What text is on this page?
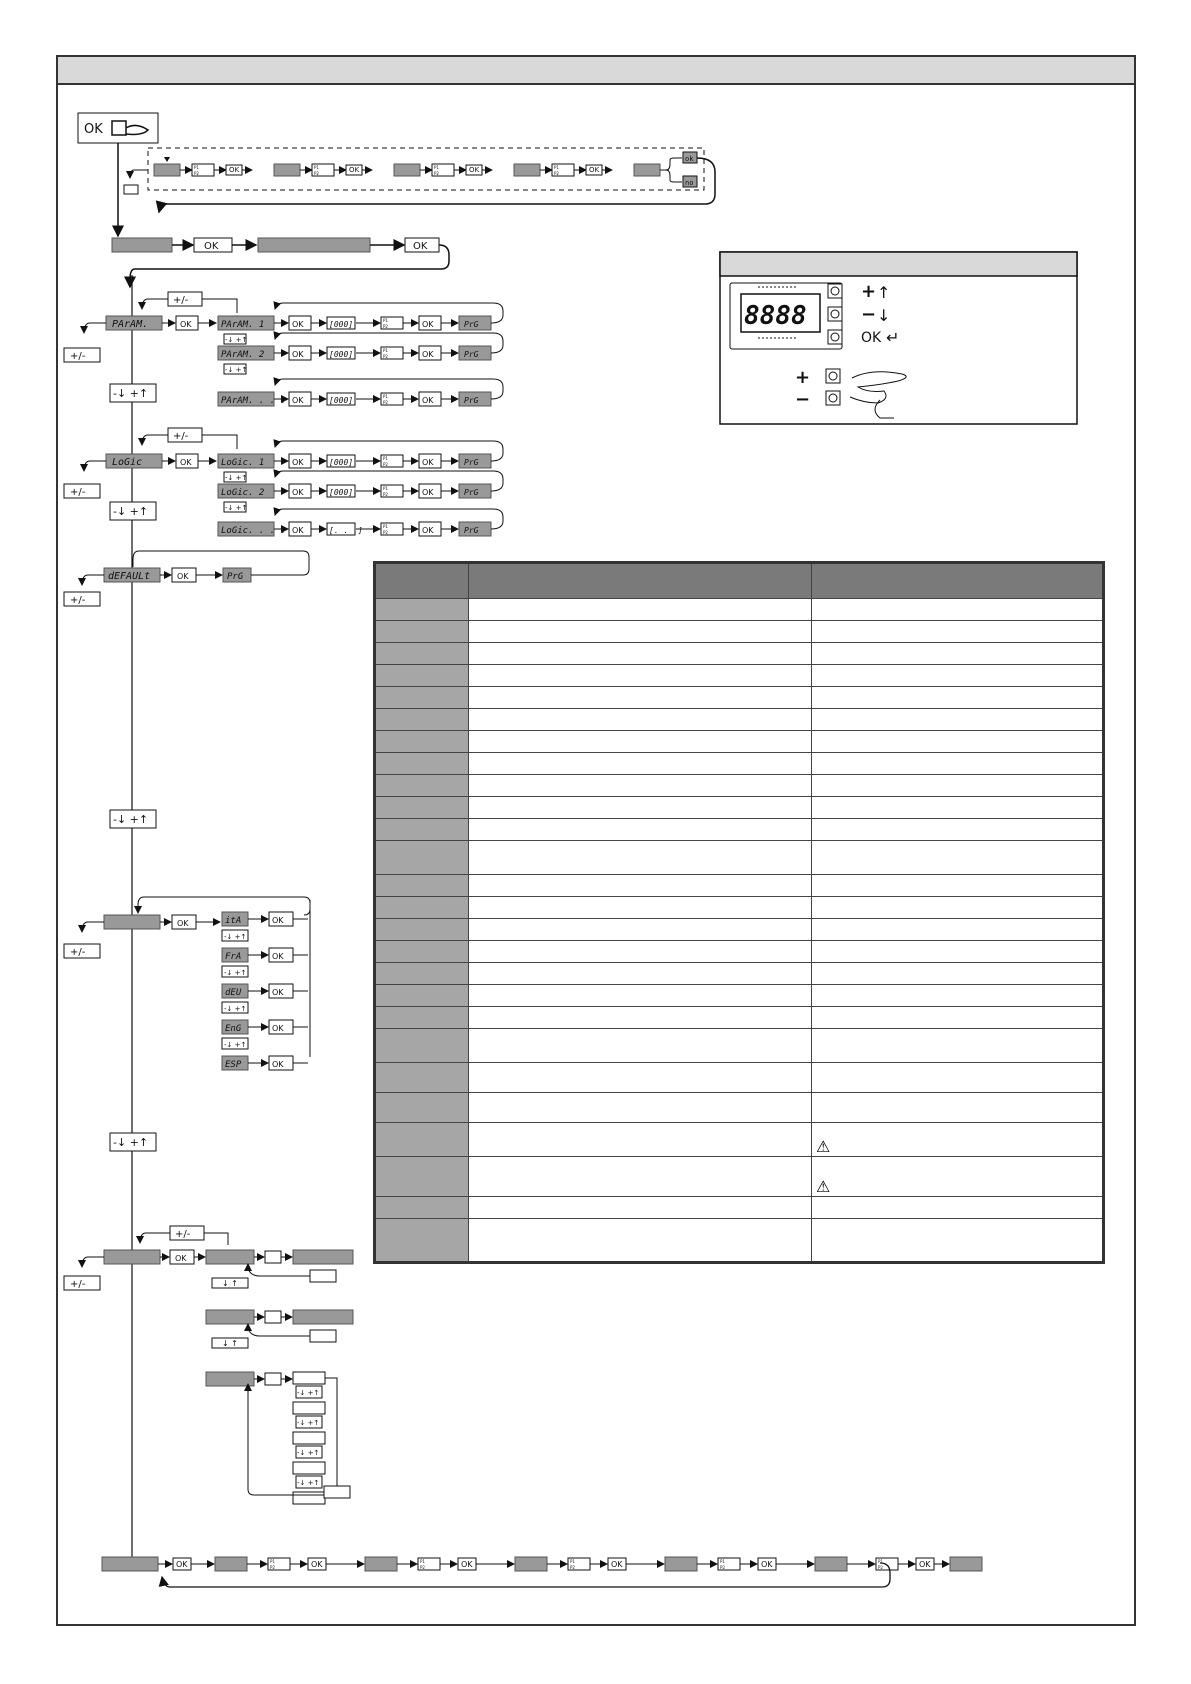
OK
P1
P2	OK	P1
P2	OK	P1
P2	OK	P1
P2	OK
ok
no
OK	OK
PArAM.
+/-
-↓ +↑
+/-
OK	PArAM. 1	OK	[000]	P1
P2	OK	PrG
-↓ +↑
PArAM. 2	OK	[000]	P1
P2	OK	PrG
-↓ +↑
PArAM. . . . OK	[000]	P1
P2	OK	PrG
LoGic
+/-
-↓ +↑
+/-
OK	LoGic. 1	OK	[000]	P1
P2	OK	PrG
-↓ +↑
LoGic. 2	OK	[000]	P1
P2	OK	PrG
-↓ +↑
LoGic. . . . OK	[. . .]	P1
P2	OK	PrG
dEFAULt
+/-
OK	PrG
-↓ +↑
+/-
OK	itA	OK
-↓ +↑
FrA	OK
-↓ +↑
dEU	OK
-↓ +↑
EnG	OK
-↓ +↑
ESP	OK
-↓ +↑
+/-
+/-
OK
↓ ↑
↓ ↑
-↓ +↑
-↓ +↑
-↓ +↑
-↓ +↑
OK	P1
P2	OK	P1
P2	OK	P1
P2	OK	P1
P2	OK	P1
P2	OK
8888
+ ↑
− ↓
OK ↵
+
−

		⚠
		⚠
